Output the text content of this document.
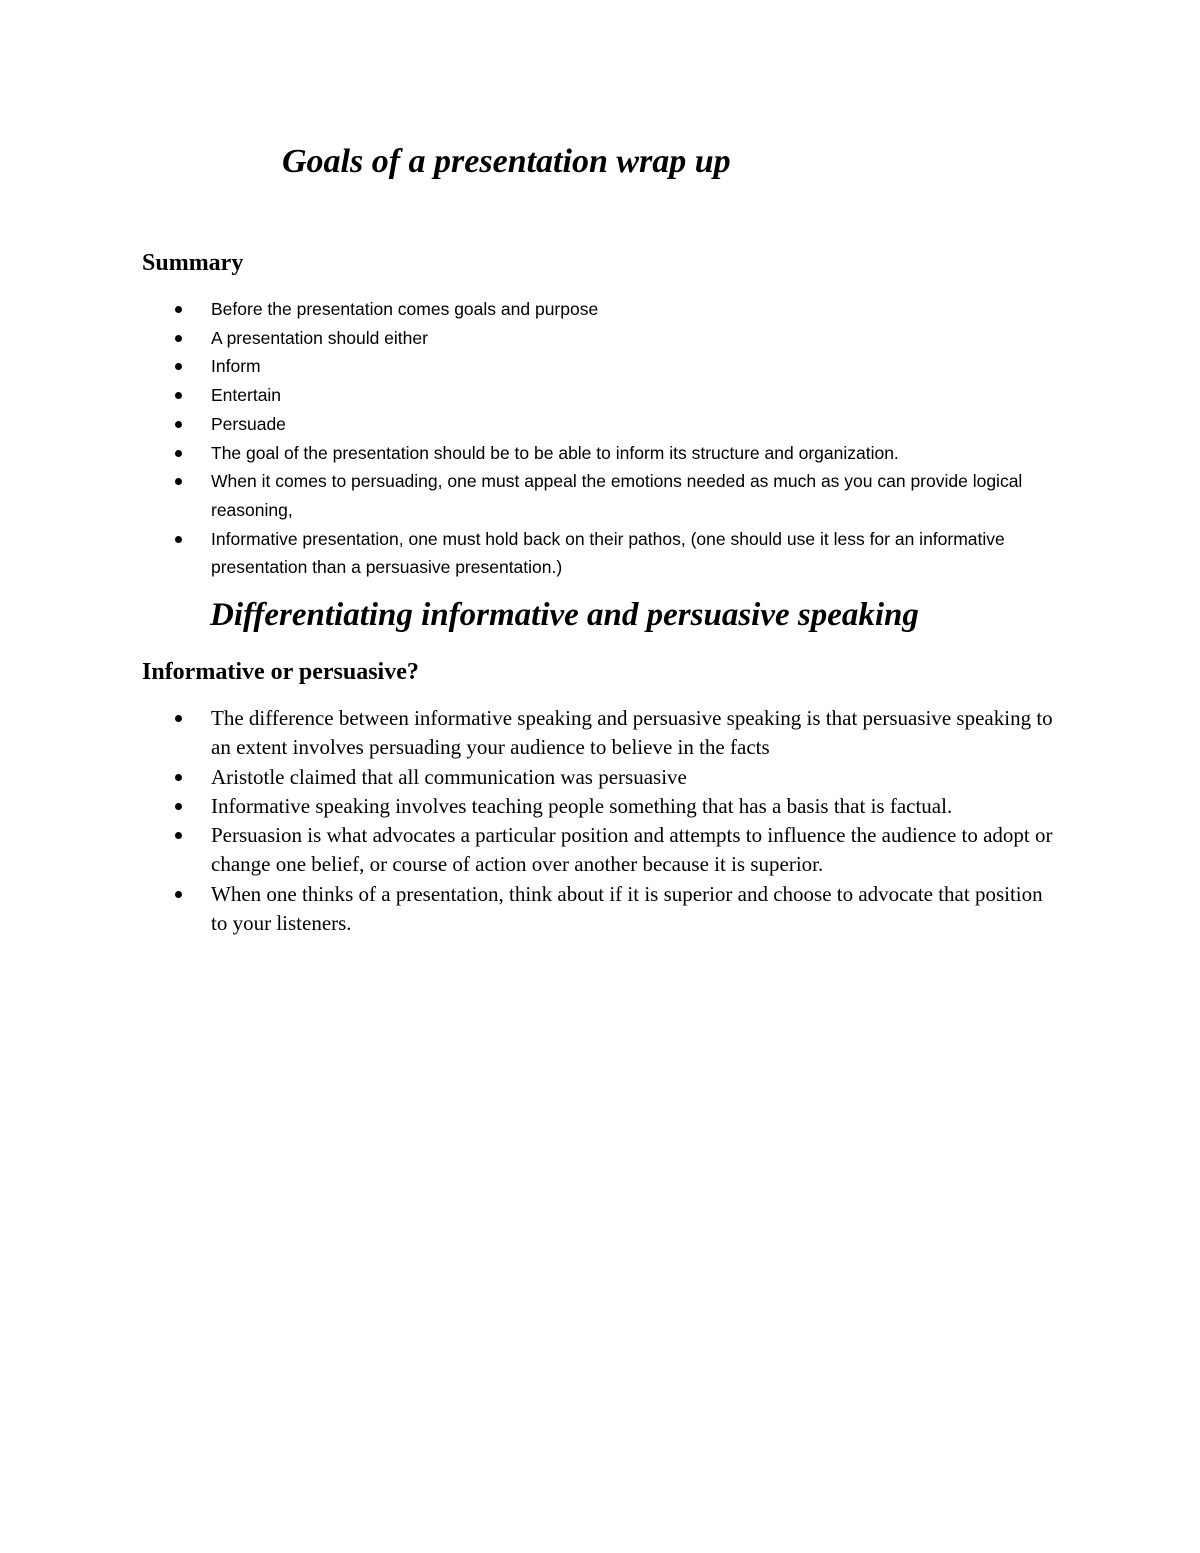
Goals of a presentation wrap up
Summary
Before the presentation comes goals and purpose
A presentation should either
Inform
Entertain
Persuade
The goal of the presentation should be to be able to inform its structure and organization.
When it comes to persuading, one must appeal the emotions needed as much as you can provide logical reasoning,
Informative presentation, one must hold back on their pathos, (one should use it less for an informative presentation than a persuasive presentation.)
Differentiating informative and persuasive speaking
Informative or persuasive?
The difference between informative speaking and persuasive speaking is that persuasive speaking to an extent involves persuading your audience to believe in the facts
Aristotle claimed that all communication was persuasive
Informative speaking involves teaching people something that has a basis that is factual.
Persuasion is what advocates a particular position and attempts to influence the audience to adopt or change one belief, or course of action over another because it is superior.
When one thinks of a presentation, think about if it is superior and choose to advocate that position to your listeners.
